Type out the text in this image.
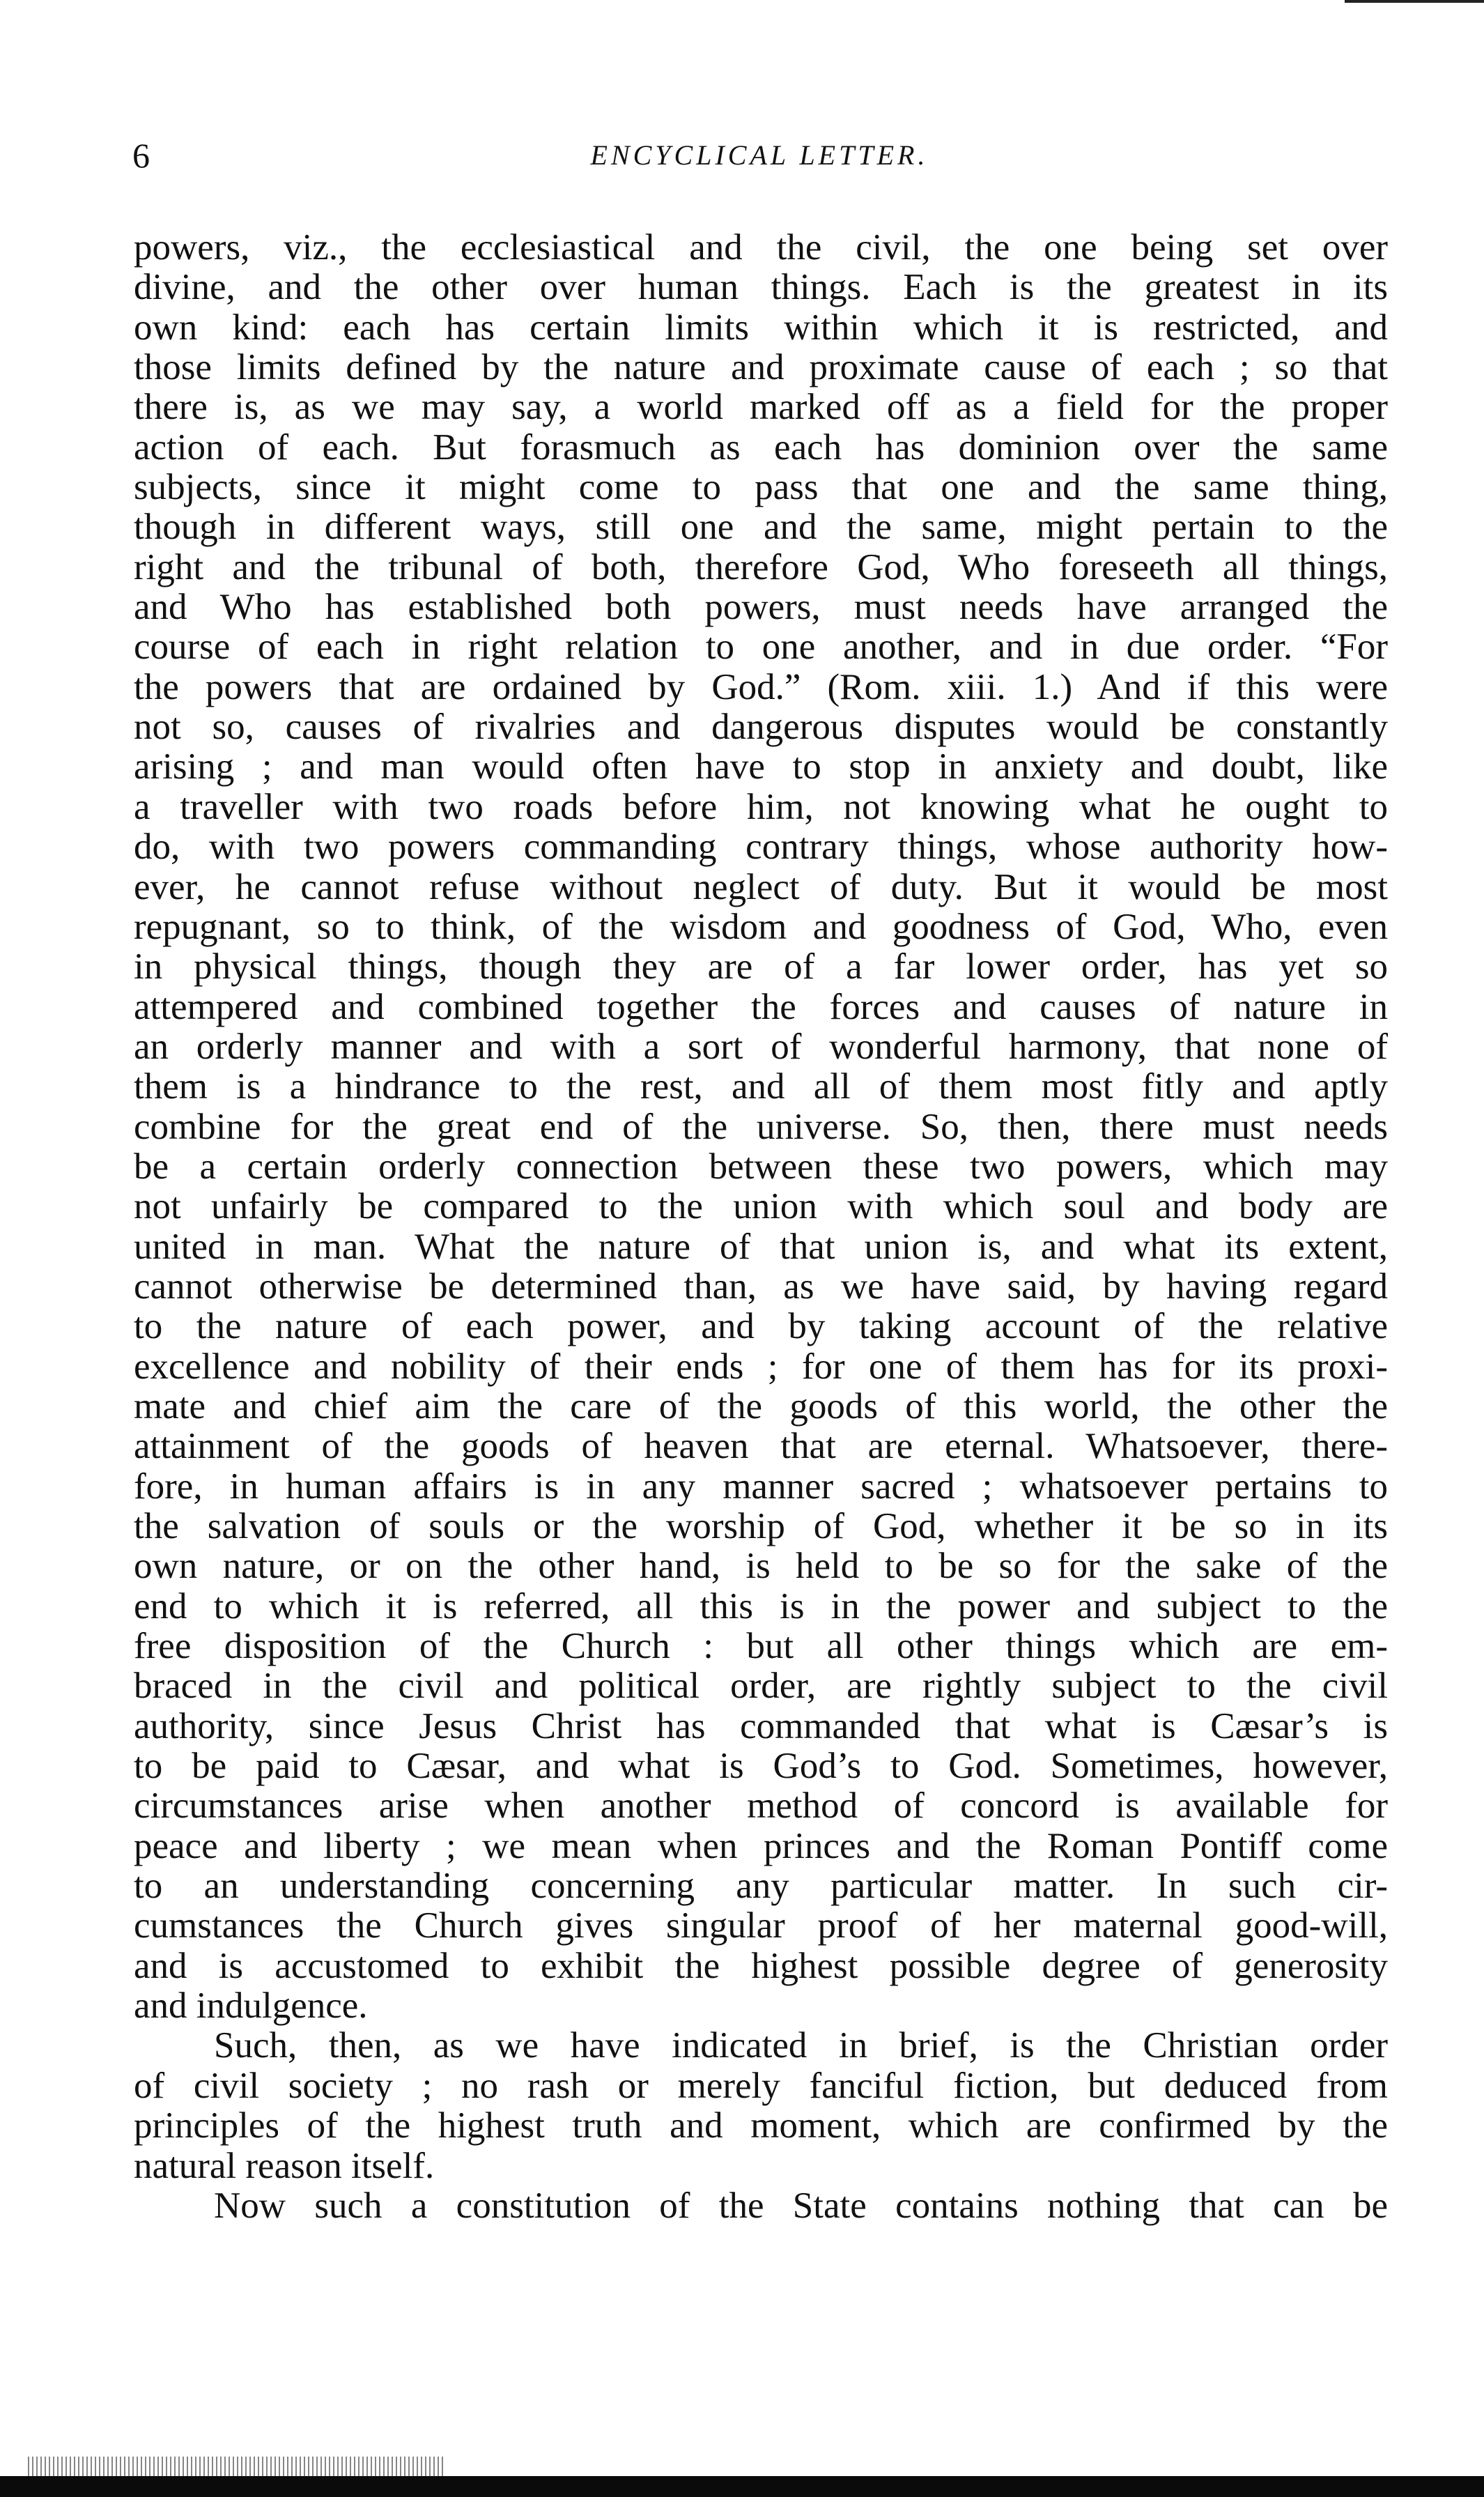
6	ENCYCLICAL LETTER.
powers, viz., the ecclesiastical and the civil, the one being set over
divine, and the other over human things. Each is the greatest in its
own kind: each has certain limits within which it is restricted, and
those limits defined by the nature and proximate cause of each ; so that
there is, as we may say, a world marked off as a field for the proper
action of each. But forasmuch as each has dominion over the same
subjects, since it might come to pass that one and the same thing,
though in different ways, still one and the same, might pertain to the
right and the tribunal of both, therefore God, Who foreseeth all things,
and Who has established both powers, must needs have arranged the
course of each in right relation to one another, and in due order. “For
the powers that are ordained by God.” (Rom. xiii. 1.) And if this were
not so, causes of rivalries and dangerous disputes would be constantly
arising ; and man would often have to stop in anxiety and doubt, like
a traveller with two roads before him, not knowing what he ought to
do, with two powers commanding contrary things, whose authority how-
ever, he cannot refuse without neglect of duty. But it would be most
repugnant, so to think, of the wisdom and goodness of God, Who, even
in physical things, though they are of a far lower order, has yet so
attempered and combined together the forces and causes of nature in
an orderly manner and with a sort of wonderful harmony, that none of
them is a hindrance to the rest, and all of them most fitly and aptly
combine for the great end of the universe. So, then, there must needs
be a certain orderly connection between these two powers, which may
not unfairly be compared to the union with which soul and body are
united in man. What the nature of that union is, and what its extent,
cannot otherwise be determined than, as we have said, by having regard
to the nature of each power, and by taking account of the relative
excellence and nobility of their ends ; for one of them has for its proxi-
mate and chief aim the care of the goods of this world, the other the
attainment of the goods of heaven that are eternal. Whatsoever, there-
fore, in human affairs is in any manner sacred ; whatsoever pertains to
the salvation of souls or the worship of God, whether it be so in its
own nature, or on the other hand, is held to be so for the sake of the
end to which it is referred, all this is in the power and subject to the
free disposition of the Church : but all other things which are em-
braced in the civil and political order, are rightly subject to the civil
authority, since Jesus Christ has commanded that what is Cæsar’s is
to be paid to Cæsar, and what is God’s to God. Sometimes, however,
circumstances arise when another method of concord is available for
peace and liberty ; we mean when princes and the Roman Pontiff come
to an understanding concerning any particular matter. In such cir-
cumstances the Church gives singular proof of her maternal good-will,
and is accustomed to exhibit the highest possible degree of generosity
and indulgence.
Such, then, as we have indicated in brief, is the Christian order
of civil society ; no rash or merely fanciful fiction, but deduced from
principles of the highest truth and moment, which are confirmed by the
natural reason itself.
Now such a constitution of the State contains nothing that can be
